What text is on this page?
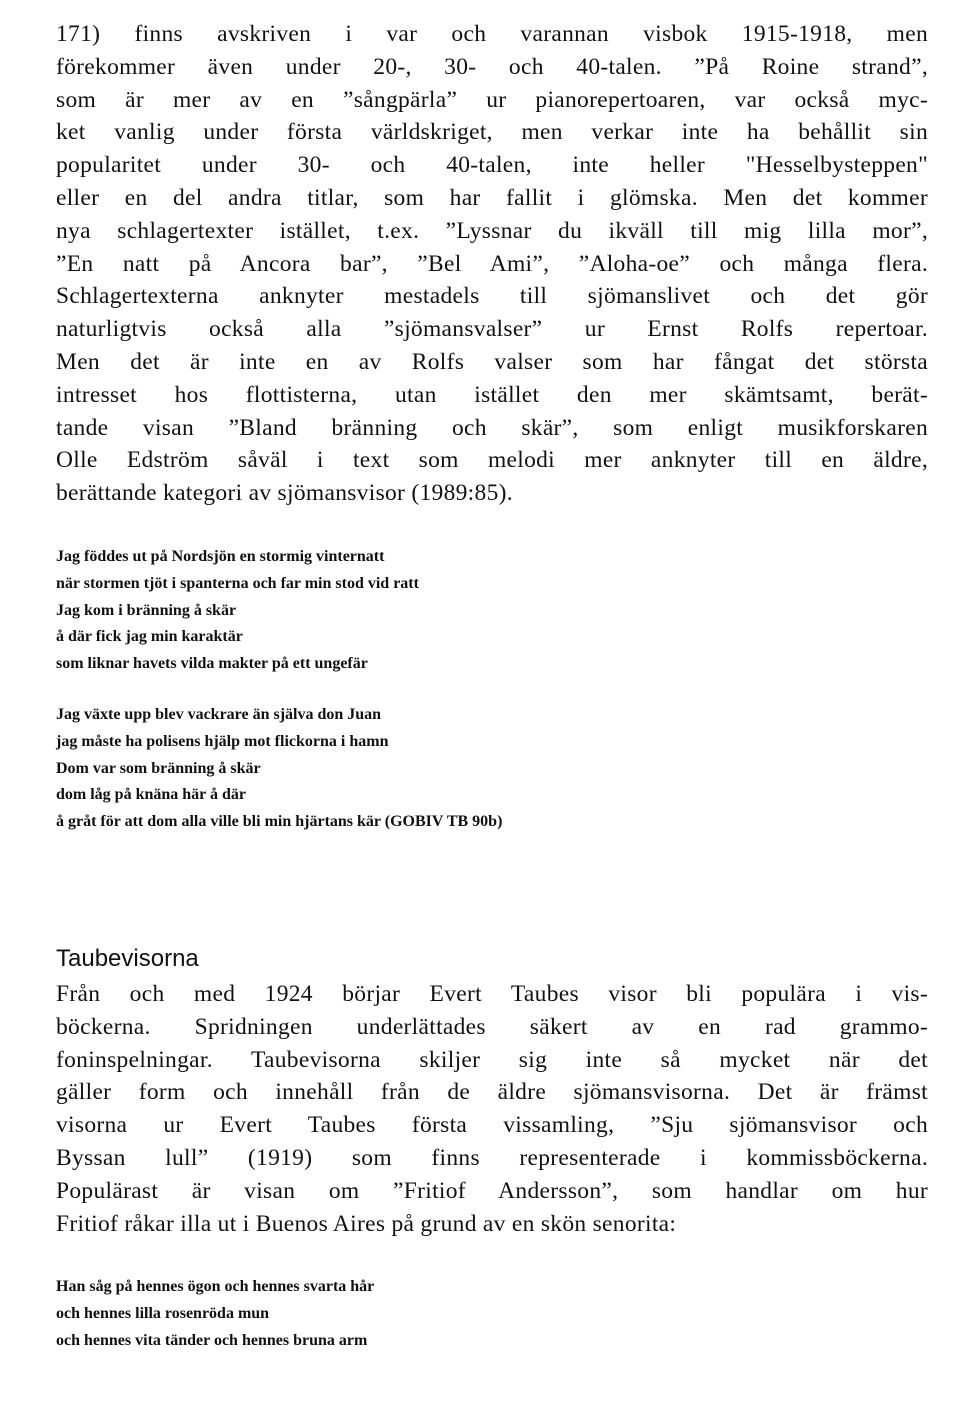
171) finns avskriven i var och varannan visbok 1915-1918, men
förekommer även under 20-, 30- och 40-talen. ”På Roine strand”,
som är mer av en ”sångpärla” ur pianorepertoaren, var också myc-
ket vanlig under första världskriget, men verkar inte ha behållit sin
popularitet under 30- och 40-talen, inte heller "Hesselbysteppen"
eller en del andra titlar, som har fallit i glömska. Men det kommer
nya schlagertexter istället, t.ex. ”Lyssnar du ikväll till mig lilla mor”,
”En natt på Ancora bar”, ”Bel Ami”, ”Aloha-oe” och många flera.
Schlagertexterna anknyter mestadels till sjömanslivet och det gör
naturligtvis också alla ”sjömansvalser” ur Ernst Rolfs repertoar.
Men det är inte en av Rolfs valser som har fångat det största
intresset hos flottisterna, utan istället den mer skämtsamt, berät-
tande visan ”Bland bränning och skär”, som enligt musikforskaren
Olle Edström såväl i text som melodi mer anknyter till en äldre,
berättande kategori av sjömansvisor (1989:85).
Jag föddes ut på Nordsjön en stormig vinternatt
när stormen tjöt i spanterna och far min stod vid ratt
Jag kom i bränning å skär
å där fick jag min karaktär
som liknar havets vilda makter på ett ungefär
Jag växte upp blev vackrare än själva don Juan
jag måste ha polisens hjälp mot flickorna i hamn
Dom var som bränning å skär
dom låg på knäna här å där
å gråt för att dom alla ville bli min hjärtans kär (GOBIV TB 90b)
Taubevisorna
Från och med 1924 börjar Evert Taubes visor bli populära i vis-
böckerna. Spridningen underlättades säkert av en rad grammo-
foninspelningar. Taubevisorna skiljer sig inte så mycket när det
gäller form och innehåll från de äldre sjömansvisorna. Det är främst
visorna ur Evert Taubes första vissamling, ”Sju sjömansvisor och
Byssan lull” (1919) som finns representerade i kommissböckerna.
Populärast är visan om ”Fritiof Andersson”, som handlar om hur
Fritiof råkar illa ut i Buenos Aires på grund av en skön senorita:
Han såg på hennes ögon och hennes svarta hår
och hennes lilla rosenröda mun
och hennes vita tänder och hennes bruna arm
